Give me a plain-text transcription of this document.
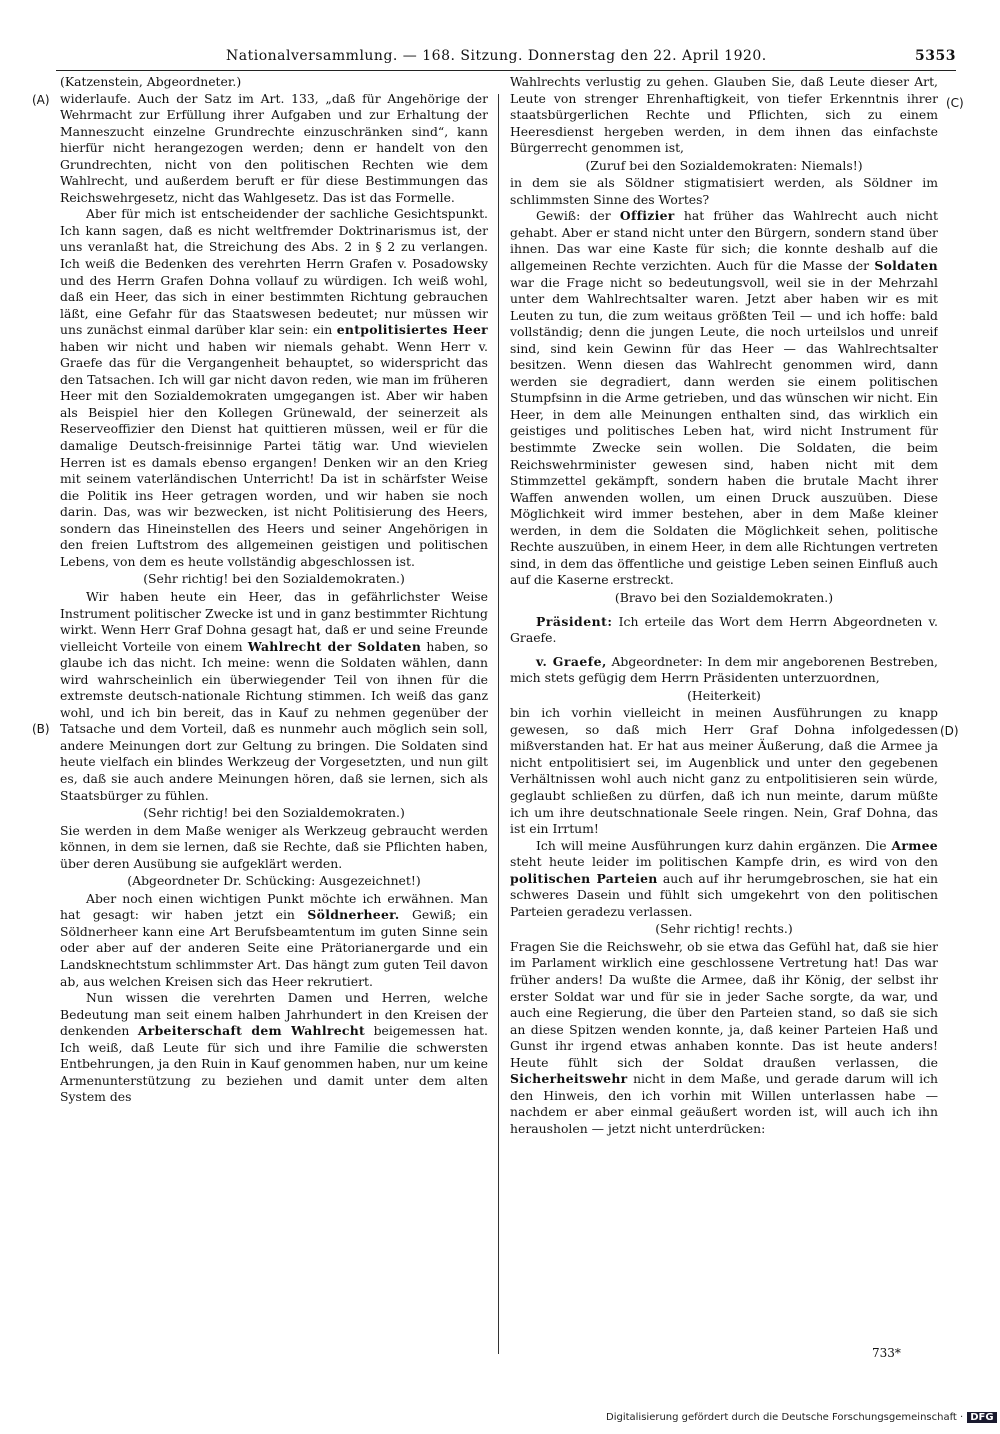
Nationalversammlung. — 168. Sitzung. Donnerstag den 22. April 1920.	5353
(A)
(B)
(C)
(D)

(Katzenstein, Abgeordneter.)

widerlaufe. Auch der Satz im Art. 133, „daß für Angehörige der Wehrmacht zur Erfüllung ihrer Aufgaben und zur Erhaltung der Manneszucht einzelne Grundrechte einzuschränken sind“, kann hierfür nicht herangezogen werden; denn er handelt von den Grundrechten, nicht von den politischen Rechten wie dem Wahlrecht, und außerdem beruft er für diese Bestimmungen das Reichswehrgesetz, nicht das Wahlgesetz. Das ist das Formelle.

Aber für mich ist entscheidender der sachliche Gesichtspunkt. Ich kann sagen, daß es nicht weltfremder Doktrinarismus ist, der uns veranlaßt hat, die Streichung des Abs. 2 in § 2 zu verlangen. Ich weiß die Bedenken des verehrten Herrn Grafen v. Posadowsky und des Herrn Grafen Dohna vollauf zu würdigen. Ich weiß wohl, daß ein Heer, das sich in einer bestimmten Richtung gebrauchen läßt, eine Gefahr für das Staatswesen bedeutet; nur müssen wir uns zunächst einmal darüber klar sein: ein entpolitisiertes Heer haben wir nicht und haben wir niemals gehabt. Wenn Herr v. Graefe das für die Vergangenheit behauptet, so widerspricht das den Tatsachen. Ich will gar nicht davon reden, wie man im früheren Heer mit den Sozialdemokraten umgegangen ist. Aber wir haben als Beispiel hier den Kollegen Grünewald, der seinerzeit als Reserveoffizier den Dienst hat quittieren müssen, weil er für die damalige Deutsch-freisinnige Partei tätig war. Und wievielen Herren ist es damals ebenso ergangen! Denken wir an den Krieg mit seinem vaterländischen Unterricht! Da ist in schärfster Weise die Politik ins Heer getragen worden, und wir haben sie noch darin. Das, was wir bezwecken, ist nicht Politisierung des Heers, sondern das Hineinstellen des Heers und seiner Angehörigen in den freien Luftstrom des allgemeinen geistigen und politischen Lebens, von dem es heute vollständig abgeschlossen ist.

(Sehr richtig! bei den Sozialdemokraten.)

Wir haben heute ein Heer, das in gefährlichster Weise Instrument politischer Zwecke ist und in ganz bestimmter Richtung wirkt. Wenn Herr Graf Dohna gesagt hat, daß er und seine Freunde vielleicht Vorteile von einem Wahlrecht der Soldaten haben, so glaube ich das nicht. Ich meine: wenn die Soldaten wählen, dann wird wahrscheinlich ein überwiegender Teil von ihnen für die extremste deutsch-nationale Richtung stimmen. Ich weiß das ganz wohl, und ich bin bereit, das in Kauf zu nehmen gegenüber der Tatsache und dem Vorteil, daß es nunmehr auch möglich sein soll, andere Meinungen dort zur Geltung zu bringen. Die Soldaten sind heute vielfach ein blindes Werkzeug der Vorgesetzten, und nun gilt es, daß sie auch andere Meinungen hören, daß sie lernen, sich als Staatsbürger zu fühlen.

(Sehr richtig! bei den Sozialdemokraten.)

Sie werden in dem Maße weniger als Werkzeug gebraucht werden können, in dem sie lernen, daß sie Rechte, daß sie Pflichten haben, über deren Ausübung sie aufgeklärt werden.

(Abgeordneter Dr. Schücking: Ausgezeichnet!)

Aber noch einen wichtigen Punkt möchte ich erwähnen. Man hat gesagt: wir haben jetzt ein Söldnerheer. Gewiß; ein Söldnerheer kann eine Art Berufsbeamtentum im guten Sinne sein oder aber auf der anderen Seite eine Prätorianergarde und ein Landsknechtstum schlimmster Art. Das hängt zum guten Teil davon ab, aus welchen Kreisen sich das Heer rekrutiert.

Nun wissen die verehrten Damen und Herren, welche Bedeutung man seit einem halben Jahrhundert in den Kreisen der denkenden Arbeiterschaft dem Wahlrecht beigemessen hat. Ich weiß, daß Leute für sich und ihre Familie die schwersten Entbehrungen, ja den Ruin in Kauf genommen haben, nur um keine Armenunterstützung zu beziehen und damit unter dem alten System des

Wahlrechts verlustig zu gehen. Glauben Sie, daß Leute dieser Art, Leute von strenger Ehrenhaftigkeit, von tiefer Erkenntnis ihrer staatsbürgerlichen Rechte und Pflichten, sich zu einem Heeresdienst hergeben werden, in dem ihnen das einfachste Bürgerrecht genommen ist,

(Zuruf bei den Sozialdemokraten: Niemals!)

in dem sie als Söldner stigmatisiert werden, als Söldner im schlimmsten Sinne des Wortes?

Gewiß: der Offizier hat früher das Wahlrecht auch nicht gehabt. Aber er stand nicht unter den Bürgern, sondern stand über ihnen. Das war eine Kaste für sich; die konnte deshalb auf die allgemeinen Rechte verzichten. Auch für die Masse der Soldaten war die Frage nicht so bedeutungsvoll, weil sie in der Mehrzahl unter dem Wahlrechtsalter waren. Jetzt aber haben wir es mit Leuten zu tun, die zum weitaus größten Teil — und ich hoffe: bald vollständig; denn die jungen Leute, die noch urteilslos und unreif sind, sind kein Gewinn für das Heer — das Wahlrechtsalter besitzen. Wenn diesen das Wahlrecht genommen wird, dann werden sie degradiert, dann werden sie einem politischen Stumpfsinn in die Arme getrieben, und das wünschen wir nicht. Ein Heer, in dem alle Meinungen enthalten sind, das wirklich ein geistiges und politisches Leben hat, wird nicht Instrument für bestimmte Zwecke sein wollen. Die Soldaten, die beim Reichswehrminister gewesen sind, haben nicht mit dem Stimmzettel gekämpft, sondern haben die brutale Macht ihrer Waffen anwenden wollen, um einen Druck auszuüben. Diese Möglichkeit wird immer bestehen, aber in dem Maße kleiner werden, in dem die Soldaten die Möglichkeit sehen, politische Rechte auszuüben, in einem Heer, in dem alle Richtungen vertreten sind, in dem das öffentliche und geistige Leben seinen Einfluß auch auf die Kaserne erstreckt.

(Bravo bei den Sozialdemokraten.)

Präsident: Ich erteile das Wort dem Herrn Abgeordneten v. Graefe.

v. Graefe, Abgeordneter: In dem mir angeborenen Bestreben, mich stets gefügig dem Herrn Präsidenten unterzuordnen,

(Heiterkeit)

bin ich vorhin vielleicht in meinen Ausführungen zu knapp gewesen, so daß mich Herr Graf Dohna infolgedessen mißverstanden hat. Er hat aus meiner Äußerung, daß die Armee ja nicht entpolitisiert sei, im Augenblick und unter den gegebenen Verhältnissen wohl auch nicht ganz zu entpolitisieren sein würde, geglaubt schließen zu dürfen, daß ich nun meinte, darum müßte ich um ihre deutschnationale Seele ringen. Nein, Graf Dohna, das ist ein Irrtum!

Ich will meine Ausführungen kurz dahin ergänzen. Die Armee steht heute leider im politischen Kampfe drin, es wird von den politischen Parteien auch auf ihr herumgebroschen, sie hat ein schweres Dasein und fühlt sich umgekehrt von den politischen Parteien geradezu verlassen.

(Sehr richtig! rechts.)

Fragen Sie die Reichswehr, ob sie etwa das Gefühl hat, daß sie hier im Parlament wirklich eine geschlossene Vertretung hat! Das war früher anders! Da wußte die Armee, daß ihr König, der selbst ihr erster Soldat war und für sie in jeder Sache sorgte, da war, und auch eine Regierung, die über den Parteien stand, so daß sie sich an diese Spitzen wenden konnte, ja, daß keiner Parteien Haß und Gunst ihr irgend etwas anhaben konnte. Das ist heute anders! Heute fühlt sich der Soldat draußen verlassen, die Sicherheitswehr nicht in dem Maße, und gerade darum will ich den Hinweis, den ich vorhin mit Willen unterlassen habe — nachdem er aber einmal geäußert worden ist, will auch ich ihn herausholen — jetzt nicht unterdrücken:

733*
Digitalisierung gefördert durch die Deutsche Forschungsgemeinschaft · DFG
